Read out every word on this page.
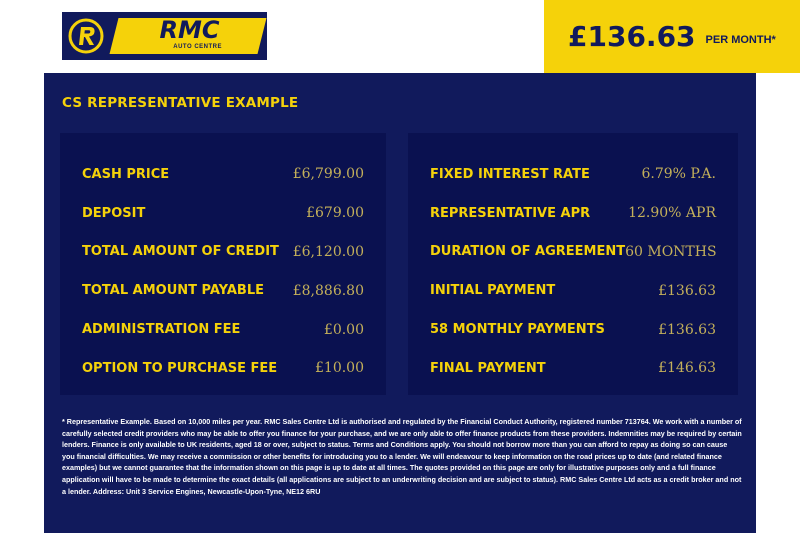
RMC
AUTO CENTRE	£136.63 PER MONTH*
CS REPRESENTATIVE EXAMPLE
CASH PRICE	£6,799.00
DEPOSIT	£679.00
TOTAL AMOUNT OF CREDIT £6,120.00
TOTAL AMOUNT PAYABLE £8,886.80
ADMINISTRATION FEE	£0.00
OPTION TO PURCHASE FEE	£10.00
FIXED INTEREST RATE	6.79% P.A.
REPRESENTATIVE APR	12.90% APR
DURATION OF AGREEMENT 60 MONTHS
INITIAL PAYMENT	£136.63
58 MONTHLY PAYMENTS	£136.63
FINAL PAYMENT	£146.63
* Representative Example. Based on 10,000 miles per year. RMC Sales Centre Ltd is authorised and regulated by the Financial Conduct Authority, registered number 713764. We work with a number of carefully selected credit providers who may be able to offer you finance for your purchase, and we are only able to offer finance products from these providers. Indemnities may be required by certain lenders. Finance is only available to UK residents, aged 18 or over, subject to status. Terms and Conditions apply. You should not borrow more than you can afford to repay as doing so can cause you financial difficulties. We may receive a commission or other benefits for introducing you to a lender. We will endeavour to keep information on the road prices up to date (and related finance examples) but we cannot guarantee that the information shown on this page is up to date at all times. The quotes provided on this page are only for illustrative purposes only and a full finance application will have to be made to determine the exact details (all applications are subject to an underwriting decision and are subject to status). RMC Sales Centre Ltd acts as a credit broker and not a lender. Address: Unit 3 Service Engines, Newcastle-Upon-Tyne, NE12 6RU
